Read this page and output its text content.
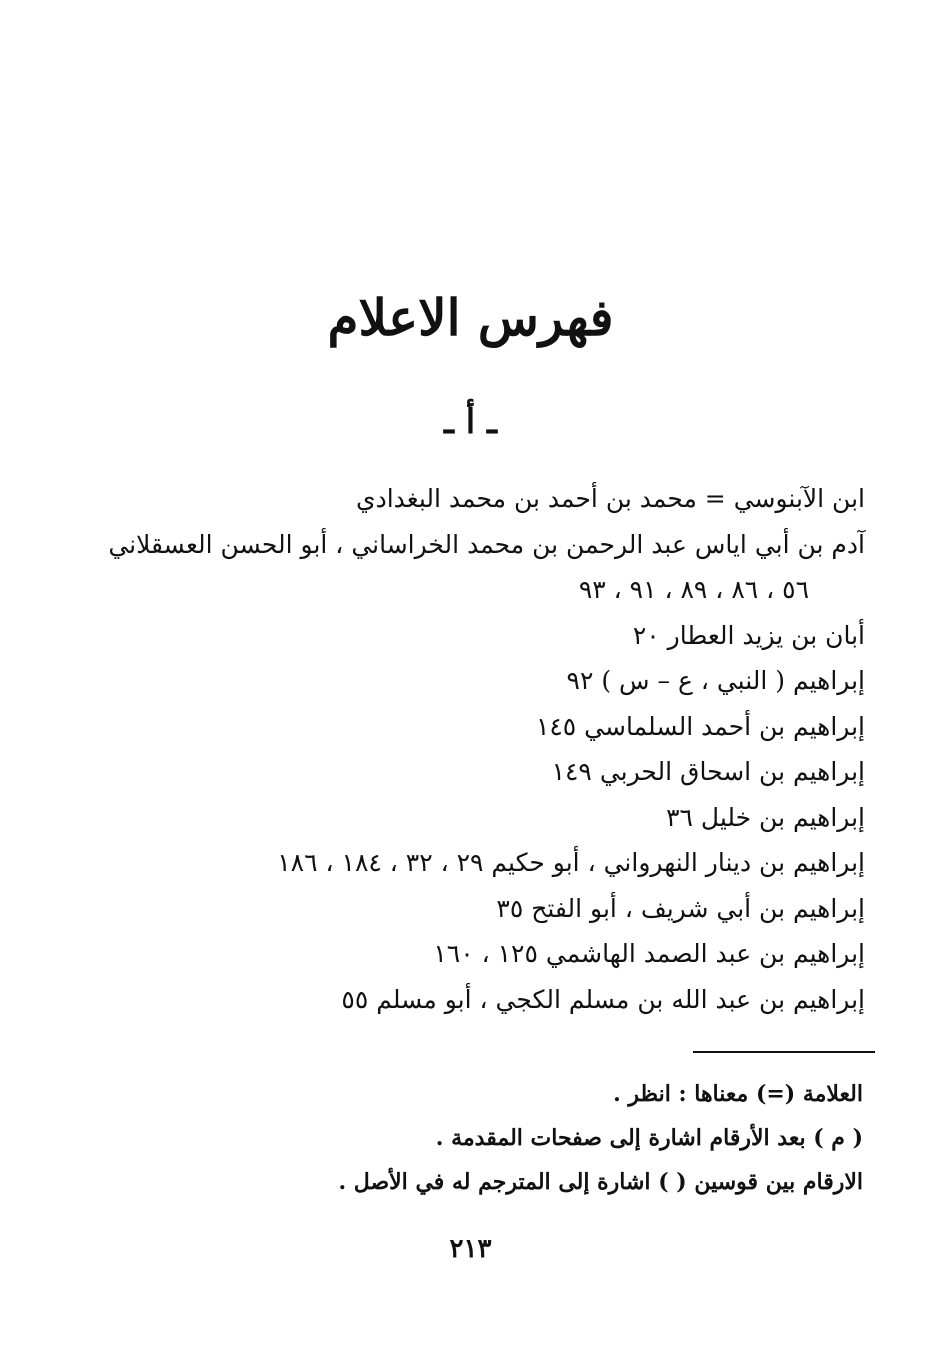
فهرس الاعلام
ـ أ ـ
ابن الآبنوسي = محمد بن أحمد بن محمد البغدادي
آدم بن أبي اياس عبد الرحمن بن محمد الخراساني ، أبو الحسن العسقلاني
٥٦ ، ٨٦ ، ٨٩ ، ٩١ ، ٩٣
أبان بن يزيد العطار ٢٠
إبراهيم ( النبي ، ع – س ) ٩٢
إبراهيم بن أحمد السلماسي ١٤٥
إبراهيم بن اسحاق الحربي ١٤٩
إبراهيم بن خليل ٣٦
إبراهيم بن دينار النهرواني ، أبو حكيم ٢٩ ، ٣٢ ، ١٨٤ ، ١٨٦
إبراهيم بن أبي شريف ، أبو الفتح ٣٥
إبراهيم بن عبد الصمد الهاشمي ١٢٥ ، ١٦٠
إبراهيم بن عبد الله بن مسلم الكجي ، أبو مسلم ٥٥
العلامة (=) معناها : انظر .
( م ) بعد الأرقام اشارة إلى صفحات المقدمة .
الارقام بين قوسين ( ) اشارة إلى المترجم له في الأصل .
٢١٣
